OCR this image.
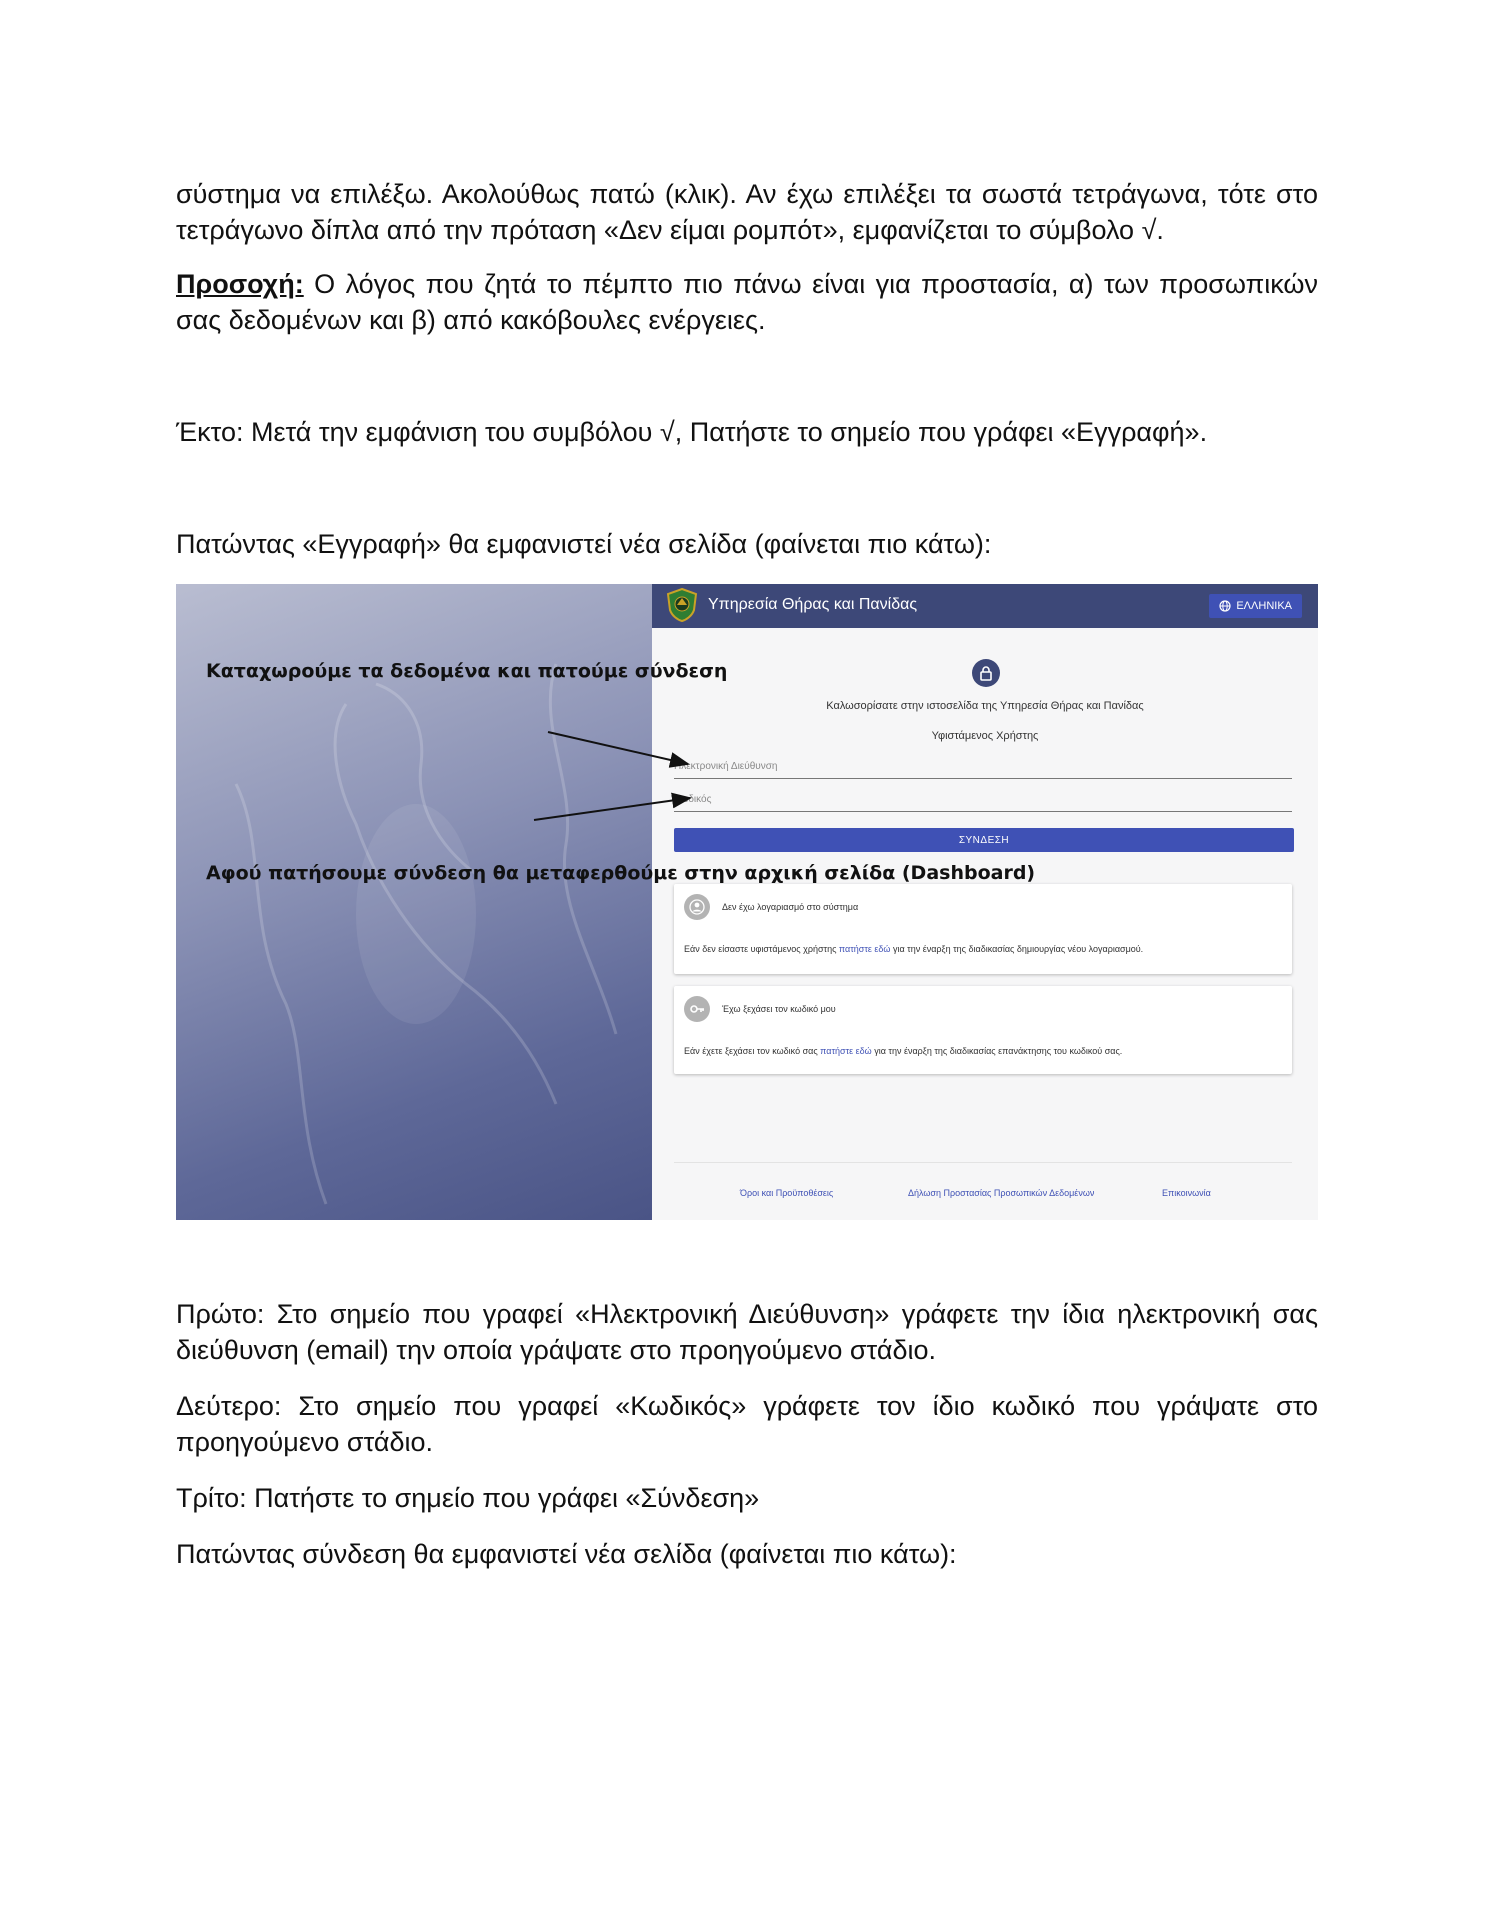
σύστημα να επιλέξω. Ακολούθως πατώ (κλικ). Αν έχω επιλέξει τα σωστά τετράγωνα, τότε στο τετράγωνο δίπλα από την πρόταση «Δεν είμαι ρομπότ», εμφανίζεται το σύμβολο √.

Προσοχή: Ο λόγος που ζητά το πέμπτο πιο πάνω είναι για προστασία, α) των προσωπικών σας δεδομένων και β) από κακόβουλες ενέργειες.

Έκτο: Μετά την εμφάνιση του συμβόλου √, Πατήστε το σημείο που γράφει «Εγγραφή».

Πατώντας «Εγγραφή» θα εμφανιστεί νέα σελίδα (φαίνεται πιο κάτω):

Υπηρεσία Θήρας και Πανίδας	ΕΛΛΗΝΙΚΑ
Καλωσορίσατε στην ιστοσελίδα της Υπηρεσία Θήρας και Πανίδας
Υφιστάμενος Χρήστης
Ηλεκτρονική Διεύθυνση
ΣΥΝΔΕΣΗ
Δεν έχω λογαριασμό στο σύστημα
Εάν δεν είσαστε υφιστάμενος χρήστης πατήστε εδώ για την έναρξη της διαδικασίας δημιουργίας νέου λογαριασμού.
Έχω ξεχάσει τον κωδικό μου
Εάν έχετε ξεχάσει τον κωδικό σας πατήστε εδώ για την έναρξη της διαδικασίας επανάκτησης του κωδικού σας.
Όροι και Προϋποθέσεις	Δήλωση Προστασίας Προσωπικών Δεδομένων	Επικοινωνία
Καταχωρούμε τα δεδομένα και πατούμε σύνδεση
Αφού πατήσουμε σύνδεση θα μεταφερθούμε στην αρχική σελίδα (Dashboard)

Πρώτο: Στο σημείο που γραφεί «Ηλεκτρονική Διεύθυνση» γράφετε την ίδια ηλεκτρονική σας διεύθυνση (email) την οποία γράψατε στο προηγούμενο στάδιο.

Δεύτερο: Στο σημείο που γραφεί «Κωδικός» γράφετε τον ίδιο κωδικό που γράψατε στο προηγούμενο στάδιο.

Τρίτο: Πατήστε το σημείο που γράφει «Σύνδεση»

Πατώντας σύνδεση θα εμφανιστεί νέα σελίδα (φαίνεται πιο κάτω):
